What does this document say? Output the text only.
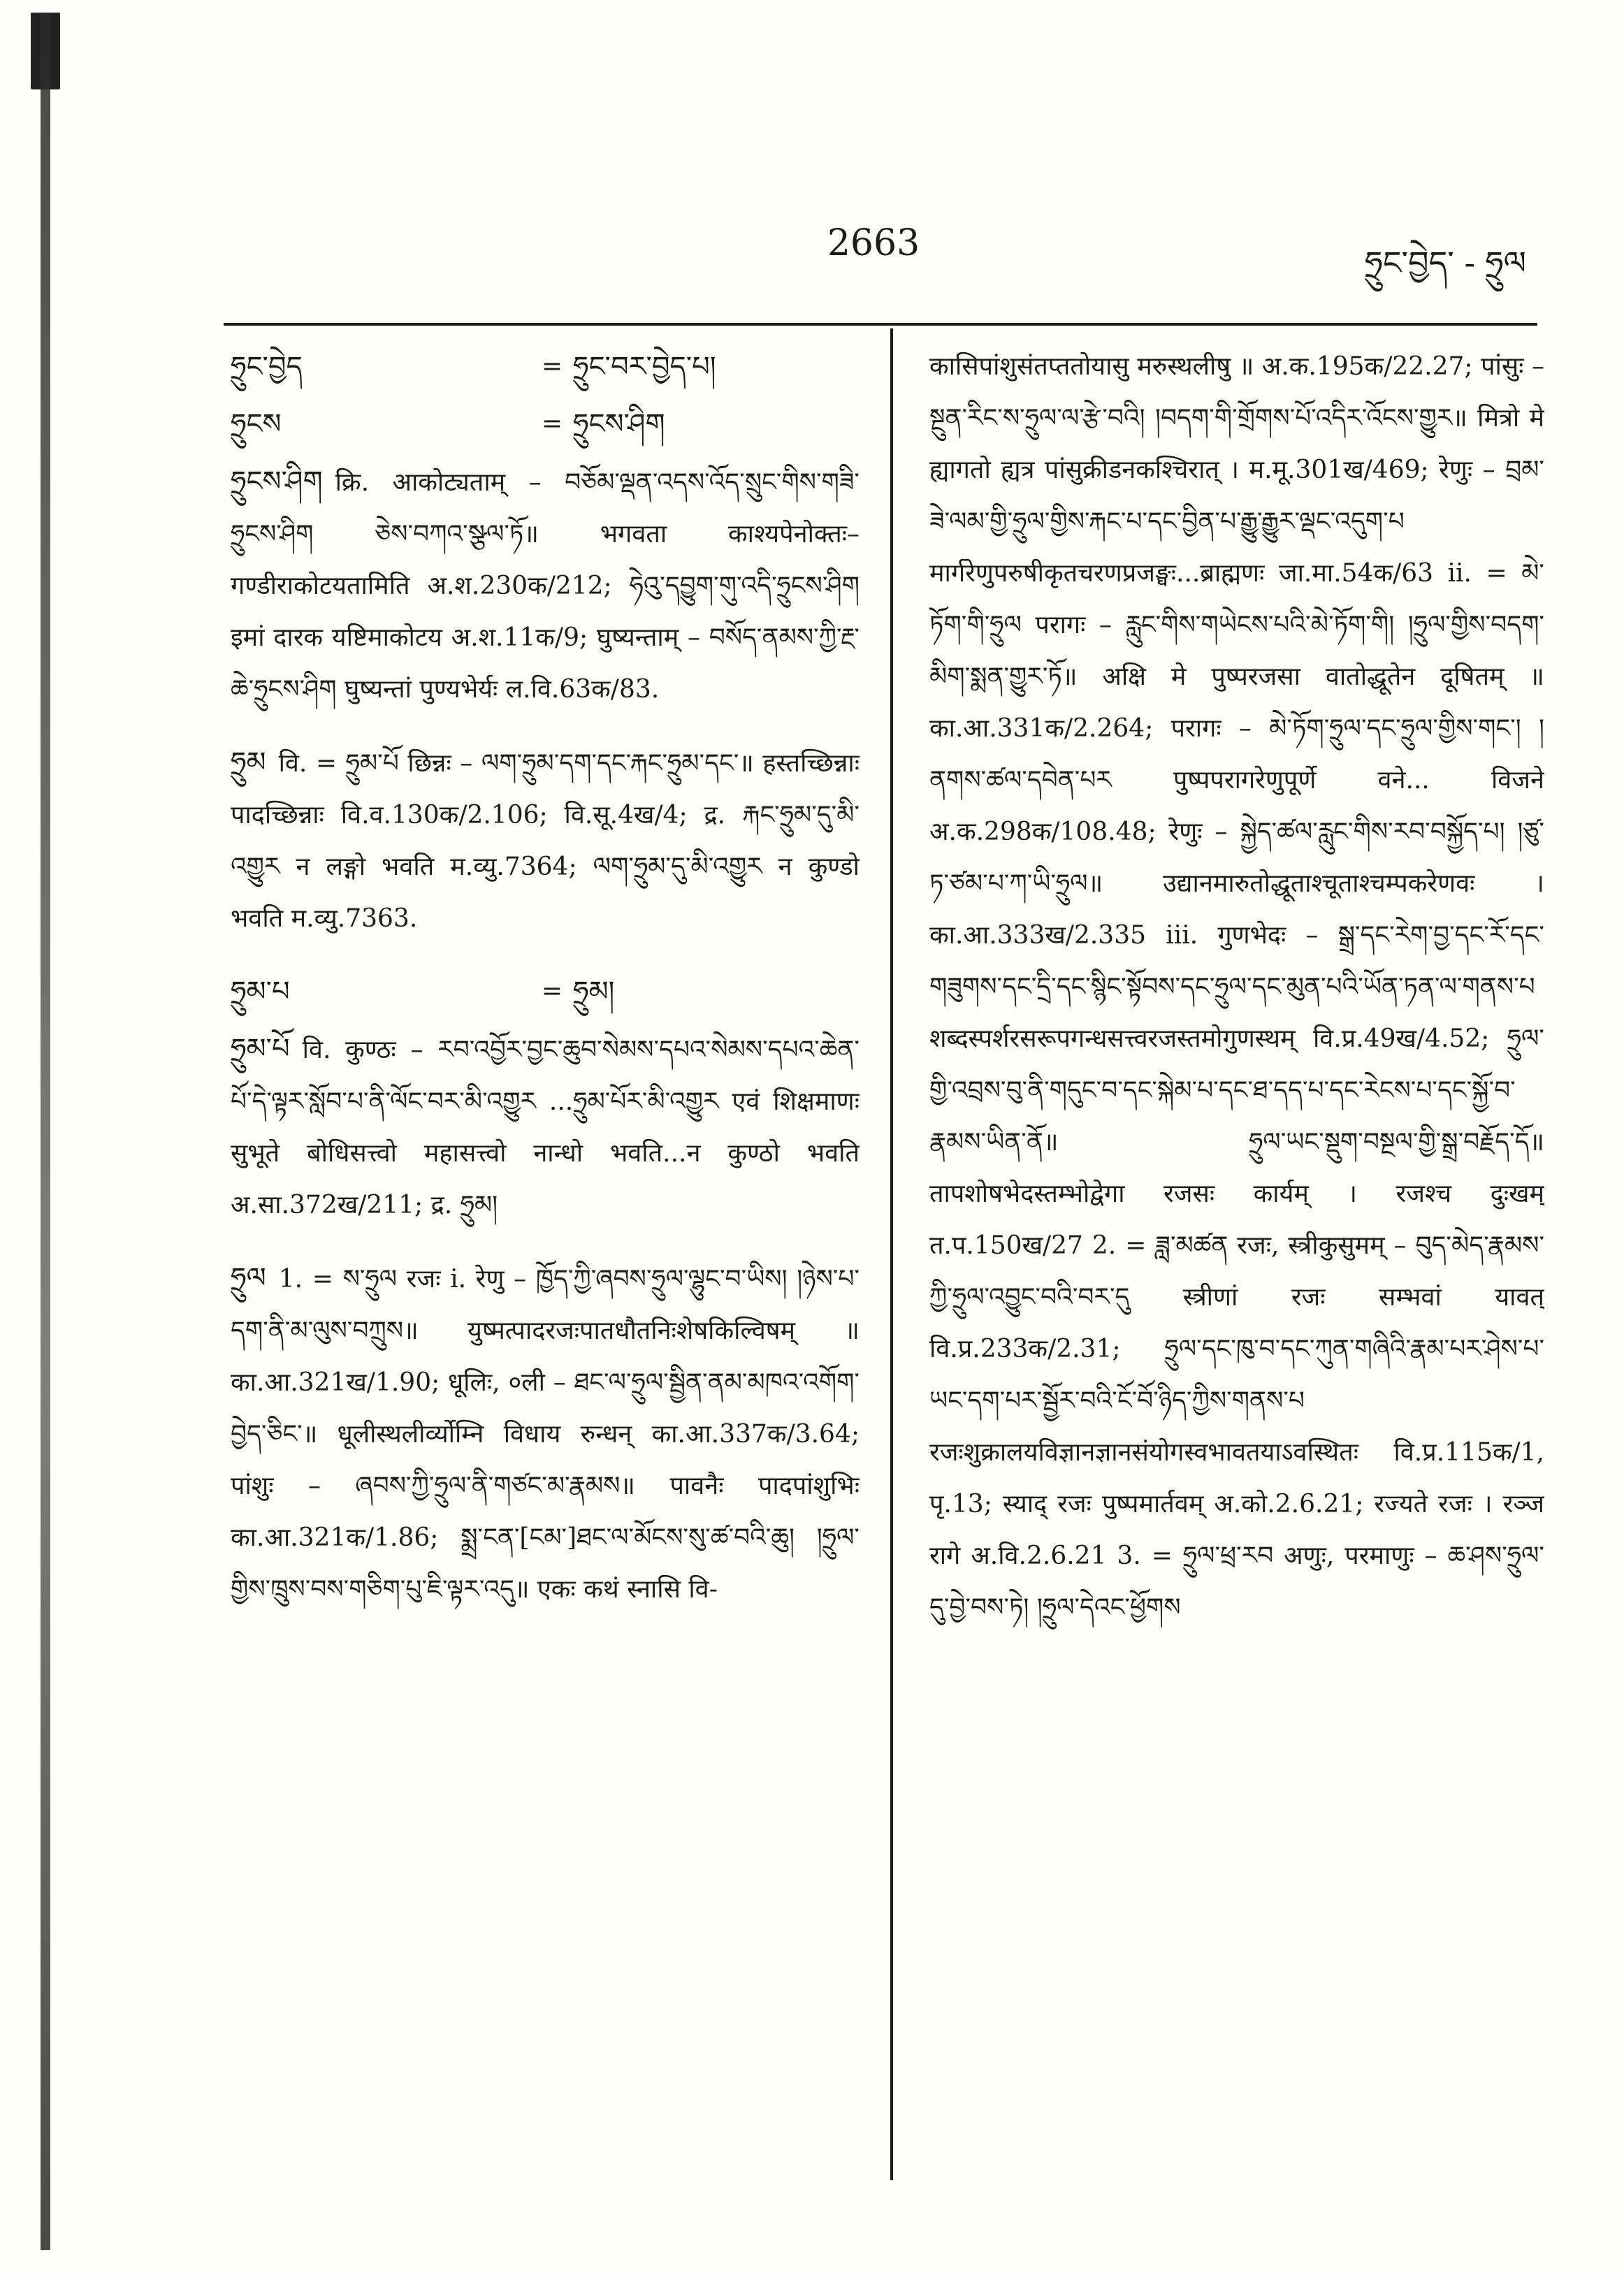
2663	ཧྲུང་བྱེད་ - ཧྲུལ
ཧྲུང་བྱེད	= ཧྲུང་བར་བྱེད་པ།
ཧྲུངས	= ཧྲུངས་ཤིག

ཧྲུངས་ཤིག क्रि. आकोट्यताम् – བཅོམ་ལྡན་འདས་འོད་སྲུང་གིས་གཟི་ཧྲུངས་ཤིག ཅེས་བཀའ་སྩལ་ཏོ॥ भगवता काश्यपेनोक्तः–गण्डीराकोटयतामिति अ.श.230क/212; ཧེའུ་དབྱུག་གུ་འདི་ཧྲུངས་ཤིག इमां दारक यष्टिमाकोटय अ.श.11क/9; घुष्यन्ताम् – བསོད་ནམས་ཀྱི་རྔ་ཆེ་ཧྲུངས་ཤིག घुष्यन्तां पुण्यभेर्यः ल.वि.63क/83.

ཧྲུམ वि. = ཧྲུམ་པོ छिन्नः – ལག་ཧྲུམ་དག་དང་རྐང་ཧྲུམ་དང་॥ हस्तच्छिन्नाः पादच्छिन्नाः वि.व.130क/2.106; वि.सू.4ख/4; द्र. རྐང་ཧྲུམ་དུ་མི་འགྱུར न लङ्गो भवति म.व्यु.7364; ལག་ཧྲུམ་དུ་མི་འགྱུར न कुण्डो भवति म.व्यु.7363.

ཧྲུམ་པ	= ཧྲུམ།

ཧྲུམ་པོ वि. कुण्ठः – རབ་འབྱོར་བྱང་ཆུབ་སེམས་དཔའ་སེམས་དཔའ་ཆེན་པོ་དེ་ལྟར་སློབ་པ་ནི་ལོང་བར་མི་འགྱུར ...ཧྲུམ་པོར་མི་འགྱུར एवं शिक्षमाणः सुभूते बोधिसत्त्वो महासत्त्वो नान्धो भवति...न कुण्ठो भवति अ.सा.372ख/211; द्र. ཧྲུམ།

ཧྲུལ 1. = ས་ཧྲུལ रजः i. रेणु – ཁྱོད་ཀྱི་ཞབས་ཧྲུལ་ལྷུང་བ་ཡིས། །ཉེས་པ་དག་ནི་མ་ལུས་བཀྲུས॥ युष्मत्पादरजःपातधौतनिःशेषकिल्विषम् ॥ का.आ.321ख/1.90; धूलिः, ०ली – ཐང་ལ་ཧྲུལ་སྦྱིན་ནམ་མཁའ་འགོག་བྱེད་ཅིང་॥ धूलीस्थलीर्व्योम्नि विधाय रुन्धन् का.आ.337क/3.64; पांशुः – ཞབས་ཀྱི་ཧྲུལ་ནི་གཙང་མ་རྣམས॥ पावनैः पादपांशुभिः का.आ.321क/1.86; སྨྲ་ངན་[ངམ་]ཐང་ལ་མོངས་སུ་ཚ་བའི་ཆུ། །ཧྲུལ་གྱིས་ཁྲུས་བས་གཅིག་པུ་ཇི་ལྟར་འདུ॥ एकः कथं स्नासि वि-

कासिपांशुसंतप्ततोयासु मरुस्थलीषु ॥ अ.क.195क/22.27; पांसुः – སྔུན་རིང་ས་ཧྲུལ་ལ་རྩེ་བའི། །བདག་གི་གྲོགས་པོ་འདིར་འོངས་གྱུར॥ मित्रो मे ह्यागतो ह्यत्र पांसुक्रीडनकश्चिरात् । म.मू.301ख/469; रेणुः – བྲམ་ཟེ་ལམ་གྱི་ཧྲུལ་གྱིས་རྐང་པ་དང་བྱིན་པ་རྒྱུ་རྒྱུར་ལྡང་འདུག་པ मार्गरेणुपरुषीकृतचरणप्रजङ्घः...ब्राह्मणः जा.मा.54क/63 ii. = མེ་ཏོག་གི་ཧྲུལ परागः – རླུང་གིས་གཡེངས་པའི་མེ་ཏོག་གི། །ཧྲུལ་གྱིས་བདག་མིག་སྨན་གྱུར་ཏོ॥ अक्षि मे पुष्परजसा वातोद्धूतेन दूषितम् ॥ का.आ.331क/2.264; परागः – མེ་ཏོག་ཧྲུལ་དང་ཧྲུལ་གྱིས་གང་། །ནགས་ཚལ་དབེན་པར पुष्पपरागरेणुपूर्णे वने... विजने अ.क.298क/108.48; रेणुः – སྐྱེད་ཚལ་རླུང་གིས་རབ་བསྐྱོད་པ། །ཙུ་ཏ་ཙམ་པ་ཀ་ཡི་ཧྲུལ॥ उद्यानमारुतोद्धूताश्चूताश्चम्पकरेणवः । का.आ.333ख/2.335 iii. गुणभेदः – སྒྲ་དང་རེག་བྱ་དང་རོ་དང་གཟུགས་དང་དྲི་དང་སྙིང་སྟོབས་དང་ཧྲུལ་དང་མུན་པའི་ཡོན་ཏན་ལ་གནས་པ शब्दस्पर्शरसरूपगन्धसत्त्वरजस्तमोगुणस्थम् वि.प्र.49ख/4.52; ཧྲུལ་གྱི་འབྲས་བུ་ནི་གདུང་བ་དང་སྐེམ་པ་དང་ཐ་དད་པ་དང་རེངས་པ་དང་སྐྱོ་བ་རྣམས་ཡིན་ནོ॥ ཧྲུལ་ཡང་སྡུག་བསྔལ་གྱི་སྒྲ་བརྗོད་དོ॥ तापशोषभेदस्तम्भोद्वेगा रजसः कार्यम् । रजश्च दुःखम् त.प.150ख/27 2. = ཟླ་མཚན रजः, स्त्रीकुसुमम् – བུད་མེད་རྣམས་ཀྱི་ཧྲུལ་འབྱུང་བའི་བར་དུ स्त्रीणां रजः सम्भवां यावत् वि.प्र.233क/2.31; ཧྲུལ་དང་ཁུ་བ་དང་ཀུན་གཞིའི་རྣམ་པར་ཤེས་པ་ཡང་དག་པར་སྦྱོར་བའི་ངོ་བོ་ཉིད་ཀྱིས་གནས་པ रजःशुक्रालयविज्ञानज्ञानसंयोगस्वभावतयाऽवस्थितः वि.प्र.115क/1, पृ.13; स्याद् रजः पुष्पमार्तवम् अ.को.2.6.21; रज्यते रजः । रञ्ज रागे अ.वि.2.6.21 3. = ཧྲུལ་ཕྲ་རབ अणुः, परमाणुः – ཆ་ཤས་ཧྲུལ་དུ་བྱེ་བས་ཏེ། །ཧྲུལ་དེའང་ཕྱོགས
